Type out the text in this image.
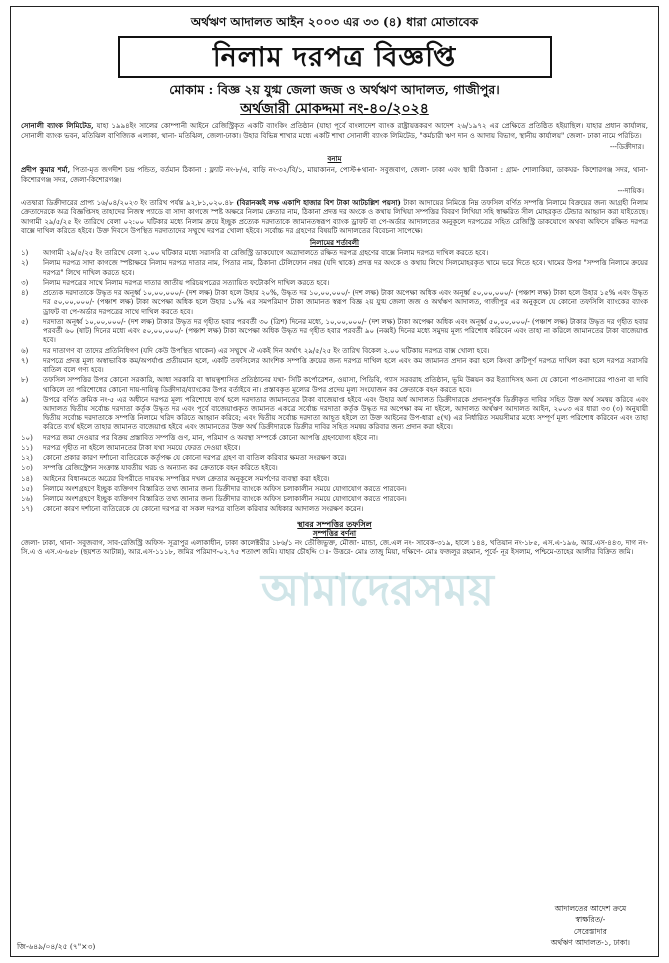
অর্থঋণ আদালত আইন ২০০৩ এর ৩৩ (৪) ধারা মোতাবেক
নিলাম দরপত্র বিজ্ঞপ্তি
মোকাম : বিজ্ঞ ২য় যুগ্ম জেলা জজ ও অর্থঋণ আদালত, গাজীপুর।
অর্থজারী মোকদ্দমা নং-৪০/২০২৪

সোনালী ব্যাংক লিমিটেড, যাহা ১৯৯৪ইং সালের কোম্পানী আইনে রেজিস্ট্রিকৃত একটি ব্যাংকিং প্রতিষ্ঠান (যাহা পূর্বে বাংলাদেশ ব্যাংক রাষ্ট্রায়ত্তকরণ আদেশ ২৬/১৯৭২ এর প্রেক্ষিতে প্রতিষ্ঠিত হইয়াছিল। যাহার প্রধান কার্যালয়, সোনালী ব্যাংক ভবন, মতিঝিল বাণিজ্যিক এলাকা, থানা- মতিঝিল, জেলা-ঢাকা। উহার বিভিন্ন শাখার মধ্যে একটি শাখা সোনালী ব্যাংক লিমিটেড, "কর্মচারী ঋণ দান ও আদায় বিভাগ, স্থানীয় কার্যালয়" জেলা- ঢাকা নামে পরিচিত।

---ডিক্রীদার।

বনাম

প্রদীপ কুমার শর্মা, পিতা-মৃত জগদীশ চন্দ্র পন্ডিত, বর্তমান ঠিকানা : ফ্ল্যাট নং-৮/এ, বাড়ি নং-৩২/বি/১, মায়াকানন, পোস্ট+থানা- সবুজবাগ, জেলা- ঢাকা এবং স্থায়ী ঠিকানা : গ্রাম- শোলাকিয়া, ডাকঘর- কিশোরগঞ্জ সদর, থানা- কিশোরগঞ্জ সদর, জেলা-কিশোরগঞ্জ।

---দায়িক।

এতদ্বারা ডিক্রীদারের প্রাপ্য ১৬/০৪/২০২৩ ইং তারিখ পর্যন্ত ৯২,৮১,০২০.৪৮ (বিরানব্বই লক্ষ একাশি হাজার বিশ টাকা আটচল্লিশ পয়সা) টাকা আদায়ের নিমিত্তে নিম্ন তফসিল বর্ণিত সম্পত্তি নিলামে বিক্রয়ের জন্য আগ্রহী নিলাম ক্রেতাদেরকে অত্র বিজ্ঞপ্তিসহ তাহাদের নিজস্ব প্যাডে বা সাদা কাগজে স্পষ্ট অক্ষরে নিলাম ক্রেতার নাম, ঠিকানা প্রদত্ত দর অংকে ও কথায় লিখিয়া সম্পত্তির বিবরণ লিখিয়া সহি স্বাক্ষরিত সীল মোহরকৃত টেন্ডার আহ্বান করা যাইতেছে। আগামী ২৯/৫/২৫ ইং তারিখে বেলা ০২:০০ ঘটিকার মধ্যে নিলাম ক্রয়ে ইচ্ছুক প্রত্যেক দরদাতাকে জামানতস্বরূপ ব্যাংক ড্রাফট বা পে-অর্ডার আদালতের অনুকূলে দরপত্রের সহিত রেজিস্ট্রি ডাকযোগে অথবা অফিসে রক্ষিত দরপত্র বাক্সে দাখিল করিতে হইবে। উক্ত দিবসে উপস্থিত দরদাতাদের সম্মুখে দরপত্র খোলা হইবে। সর্বোচ্চ দর গ্রহণের বিষয়টি আদালতের বিবেচনা সাপেক্ষে।

নিলামের শর্তাবলী

১)	আগামী ২৯/৫/২৫ ইং তারিখে বেলা ২.০০ ঘটিকার মধ্যে সরাসরি বা রেজিস্ট্রি ডাকযোগে অত্রাদালতে রক্ষিত দরপত্র গ্রহণের বাক্সে নিলাম দরপত্র দাখিল করতে হবে।
২)	নিলাম দরপত্র সাদা কাগজে স্পষ্টাক্ষরে নিলাম দরপত্র দাতার নাম, পিতার নাম, ঠিকানা টেলিফোন নম্বর (যদি থাকে) প্রদত্ত দর অংকে ও কথায় লিখে সিলমোহরকৃত খামে ভরে দিতে হবে। খামের উপর "সম্পত্তি নিলামে ক্রয়ের দরপত্র" লিখে দাখিল করতে হবে।
৩)	নিলাম দরপত্রের সাথে নিলাম দরপত্র দাতার জাতীয় পরিচয়পত্রের সত্যায়িত ফটোকপি দাখিল করতে হবে।
৪)	প্রত্যেক দরদাতাকে উদ্ধৃত দর অনূর্ধ্ব ১০,০০,০০০/- (দশ লক্ষ) টাকা হলে উহার ২০%, উদ্ধৃত দর ১০,০০,০০০/- (দশ লক্ষ) টাকা অপেক্ষা অধিক এবং অনূর্ধ্ব ৫০,০০,০০০/- (পঞ্চাশ লক্ষ) টাকা হলে উহার ১৫% এবং উদ্ধৃত দর ৫০,০০,০০০/- (পঞ্চাশ লক্ষ) টাকা অপেক্ষা অধিক হলে উহার ১০% এর সমপরিমাণ টাকা জামানত স্বরূপ বিজ্ঞ ২য় যুগ্ম জেলা জজ ও অর্থঋণ আদালত, গাজীপুর এর অনুকূলে যে কোনো তফসিলি ব্যাংকের ব্যাংক ড্রাফট বা পে-অর্ডার দরপত্রের সাথে দাখিল করতে হবে।
৫)	দরদাতা অনূর্ধ্ব ১০,০০,০০০/- (দশ লক্ষ) টাকার উদ্ধৃত দর গৃহীত হবার পরবর্তী ৩০ (ত্রিশ) দিনের মধ্যে, ১০,০০,০০০/- (দশ লক্ষ) টাকা অপেক্ষা অধিক এবং অনূর্ধ্ব ৫০,০০,০০০/- (পঞ্চাশ লক্ষ) টাকার উদ্ধৃত দর গৃহীত হবার পরবর্তী ৬০ (ষাট) দিনের মধ্যে এবং ৫০,০০,০০০/- (পঞ্চাশ লক্ষ) টাকা অপেক্ষা অধিক উদ্ধৃত দর গৃহীত হবার পরবর্তী ৯০ (নব্বই) দিনের মধ্যে সমুদয় মূল্য পরিশোধ করিবেন এবং তাহা না করিলে জামানতের টাকা বাজেয়াপ্ত হবে।
৬)	দর দাতাগণ বা তাদের প্রতিনিধিগণ (যদি কেউ উপস্থিত থাকেন) এর সম্মুখে ঐ একই দিন অর্থাৎ ২৯/৫/২৫ ইং তারিখ বিকেল ২.০০ ঘটিকায় দরপত্র বাক্স খোলা হবে।
৭)	দরপত্রে প্রদত্ত মূল্য অস্বাভাবিক কম/অপর্যাপ্ত প্রতীয়মান হলে, একটি তফসিলের আংশিক সম্পত্তি ক্রয়ের জন্য দরপত্র দাখিল হলে এবং কম জামানত প্রদান করা হলে কিংবা ক্রটিপূর্ণ দরপত্র দাখিল করা হলে দরপত্র সরাসরি বাতিল বলে গণ্য হবে।
৮)	তফসিল সম্পত্তির উপর কোনো সরকারি, আধা সরকারি বা স্বায়ত্বশাসিত প্রতিষ্ঠানের যথা- সিটি কর্পোরেশন, ওয়াসা, পিডিবি, গ্যাস সরবরাহ প্রতিষ্ঠান, ভূমি উন্নয়ন কর ইত্যাদিসহ অন্য যে কোনো পাওনাদারের পাওনা বা দাবি থাকিলে তা পরিশোধের কোনো দায়-দায়িত্ব ডিক্রীদার/ব্যাংকের উপর বর্তাইবে না। প্রস্তাবকৃত মূল্যের উপর প্রদেয় মূল্য সংযোজন কর ক্রেতাকে বহন করতে হবে।
৯)	উপরে বর্ণিত ক্রমিক নং-৫ এর অধীনে দরপত্র মূল্য পরিশোধে ব্যর্থ হলে দরদাতার জামানতের টাকা বাজেয়াপ্ত হইবে এবং উহার অর্ধ আদালত ডিক্রীদারকে প্রদানপূর্বক ডিক্রীকৃত দাবির সহিত উক্ত অর্থ সমন্বয় করিবে এবং আদালত দ্বিতীয় সর্বোচ্চ দরদাতা কর্তৃক উদ্ধৃত দর এবং পূর্বে বাজেয়াপ্তকৃত জামানত একত্রে সর্বোচ্চ দরদাতা কর্তৃক উদ্ধৃত দর অপেক্ষা কম না হইলে, আদালত অর্থঋণ আদালত আইন, ২০০৩ এর ধারা ৩৩ (৩) অনুযায়ী দ্বিতীয় সর্বোচ্চ দরদাতাকে সম্পত্তি নিলামে খরিদ করিতে আহ্বান করিবে; এবং দ্বিতীয় সর্বোচ্চ দরদাতা আহূত হইলে তা উক্ত আইনের উপ-ধারা ৫(খ) এর নির্ধারিত সময়সীমার মধ্যে সম্পূর্ণ মূল্য পরিশোধ করিবেন এবং তাহা করিতে ব্যর্থ হইলে তাহার জামানত বাজেয়াপ্ত হইবে এবং জামানতের উক্ত অর্থ ডিক্রীদারকে ডিক্রীর দাবির সহিত সমন্বয় করিবার জন্য প্রদান করা হইবে।
১০)	দরপত্র জমা দেওয়ার পর বিক্রয় প্রস্তাবিত সম্পত্তি গুণ, মান, পরিমাণ ও অবস্থা সম্পর্কে কোনো আপত্তি গ্রহণযোগ্য হইবে না।
১১)	দরপত্র গৃহীত না হইলে জামানতের টাকা যথা সময়ে ফেরত দেওয়া হইবে।
১২)	কোনো প্রকার কারণ দর্শানো ব্যতিরেকে কর্তৃপক্ষ যে কোনো দরপত্র গ্রহণ বা বাতিল করিবার ক্ষমতা সংরক্ষণ করে।
১৩)	সম্পত্তি রেজিস্ট্রেশন সংক্রান্ত যাবতীয় খরচ ও অন্যান্য কর ক্রেতাকে বহন করিতে হইবে।
১৪)	আইনের বিধানমতে অত্রের বিপরীতে দায়বদ্ধ সম্পত্তির দখল ক্রেতার অনুকূলে সমর্পণের ব্যবস্থা করা হইবে।
১৫)	নিলামে অংশগ্রহণে ইচ্ছুক ব্যক্তিগণ বিস্তারিত তথ্য জানার জন্য ডিক্রীদার ব্যাংকে অফিস চলাকালীন সময়ে যোগাযোগ করতে পারবেন।
১৬)	নিলামে অংশগ্রহণে ইচ্ছুক ব্যক্তিগণ বিস্তারিত তথ্য জানার জন্য ডিক্রীদার ব্যাংকে অফিস চলাকালীন সময়ে যোগাযোগ করতে পারবেন।
১৭)	কোনো কারণ দর্শানো ব্যতিরেকে যে কোনো দরপত্র বা সকল দরপত্র বাতিল করিবার অধিকার আদালত সংরক্ষণ করেন।
স্থাবর সম্পত্তির তফসিল
সম্পত্তির বর্ণনা

জেলা- ঢাকা, থানা- সবুজবাগ, সাব-রেজিস্ট্রি অফিস- সূত্রাপুর এলাকাধীন, ঢাকা কালেক্টরীর ১৮৬/১ নং তৌজিভুক্ত, মৌজা- মান্ডা, জে.এল নং- সাবেক-৩১৯, হালে ১৪৪, খতিয়ান নং-১৮৫, এস.এ-১৯৬, আর.এস-৪৪৩, দাগ নং-সি.এ ও এস.এ-৬৫৮ (ছয়শত আটান্ন), আর.এস-১১১৮, জমির পরিমাণ-০২.৭৫ শতাংশ জমি। যাহার চৌহদ্দি ঃ- উত্তরে- মোঃ তাজু মিয়া, দক্ষিণে- মোঃ ফজলুর রহমান, পূর্বে- নূর ইসলাম, পশ্চিমে-তাহের আলীর বিক্রিত জমি।

আদালতের আদেশ ক্রমে
স্বাক্ষরিত/-
সেরেস্তাদার
অর্থঋণ আদালত-১, ঢাকা।
জি-৬৪৯/০৪/২৫ (৭"×৩)
আমাদেরসময়
